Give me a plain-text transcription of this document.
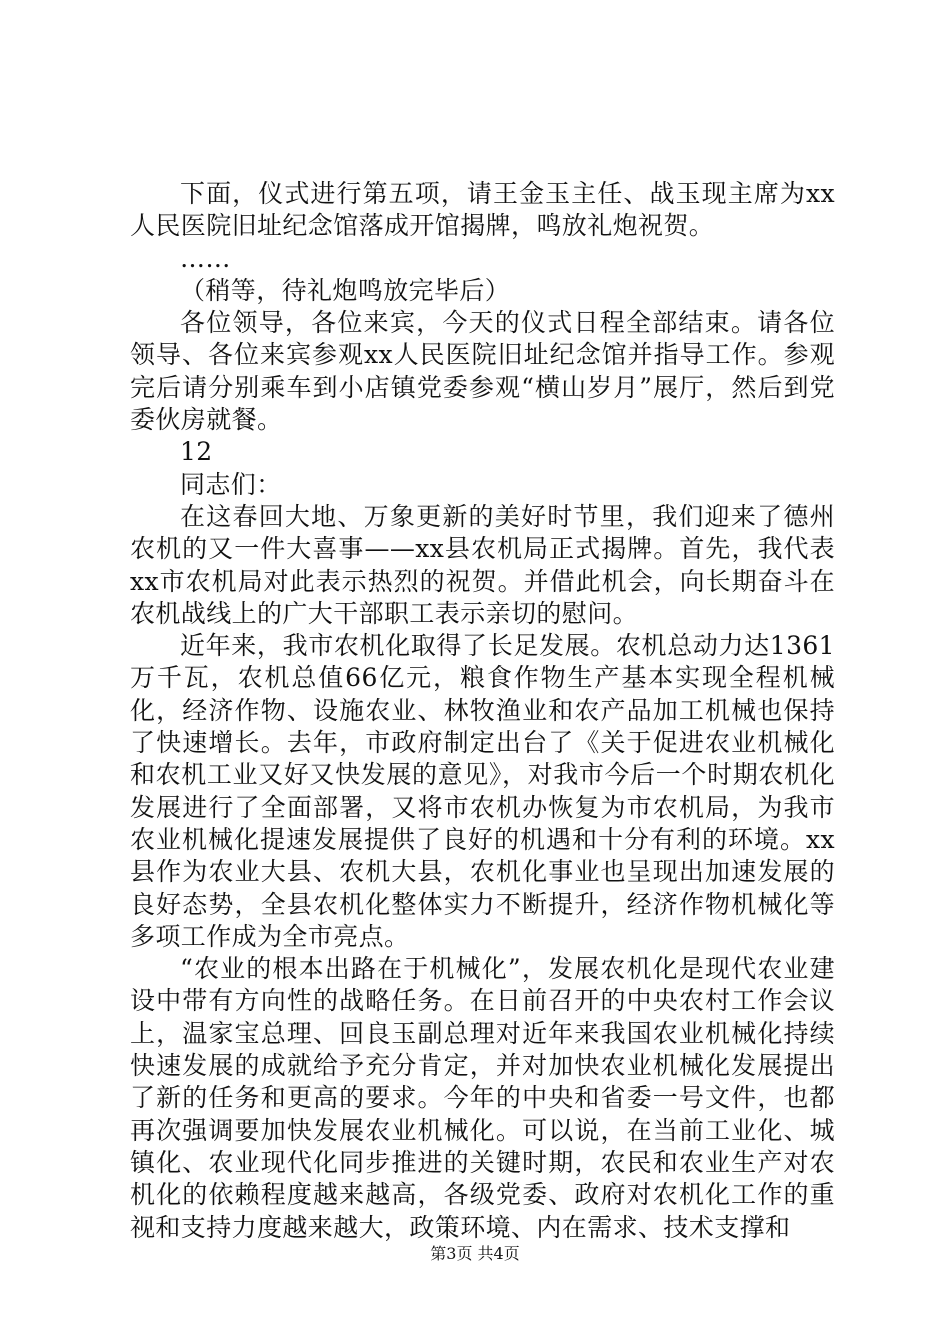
下面，仪式进行第五项，请王金玉主任、战玉现主席为xx人民医院旧址纪念馆落成开馆揭牌，鸣放礼炮祝贺。

……

（稍等，待礼炮鸣放完毕后）

各位领导，各位来宾，今天的仪式日程全部结束。请各位领导、各位来宾参观xx人民医院旧址纪念馆并指导工作。参观完后请分别乘车到小店镇党委参观“横山岁月”展厅，然后到党委伙房就餐。

12

同志们：

在这春回大地、万象更新的美好时节里，我们迎来了德州农机的又一件大喜事——xx县农机局正式揭牌。首先，我代表xx市农机局对此表示热烈的祝贺。并借此机会，向长期奋斗在农机战线上的广大干部职工表示亲切的慰问。

近年来，我市农机化取得了长足发展。农机总动力达1361万千瓦，农机总值66亿元，粮食作物生产基本实现全程机械化，经济作物、设施农业、林牧渔业和农产品加工机械也保持了快速增长。去年，市政府制定出台了《关于促进农业机械化和农机工业又好又快发展的意见》，对我市今后一个时期农机化发展进行了全面部署，又将市农机办恢复为市农机局，为我市农业机械化提速发展提供了良好的机遇和十分有利的环境。xx县作为农业大县、农机大县，农机化事业也呈现出加速发展的良好态势，全县农机化整体实力不断提升，经济作物机械化等多项工作成为全市亮点。

“农业的根本出路在于机械化”，发展农机化是现代农业建设中带有方向性的战略任务。在日前召开的中央农村工作会议上，温家宝总理、回良玉副总理对近年来我国农业机械化持续快速发展的成就给予充分肯定，并对加快农业机械化发展提出了新的任务和更高的要求。今年的中央和省委一号文件，也都再次强调要加快发展农业机械化。可以说，在当前工业化、城镇化、农业现代化同步推进的关键时期，农民和农业生产对农机化的依赖程度越来越高，各级党委、政府对农机化工作的重视和支持力度越来越大，政策环境、内在需求、技术支撑和

第3页 共4页
